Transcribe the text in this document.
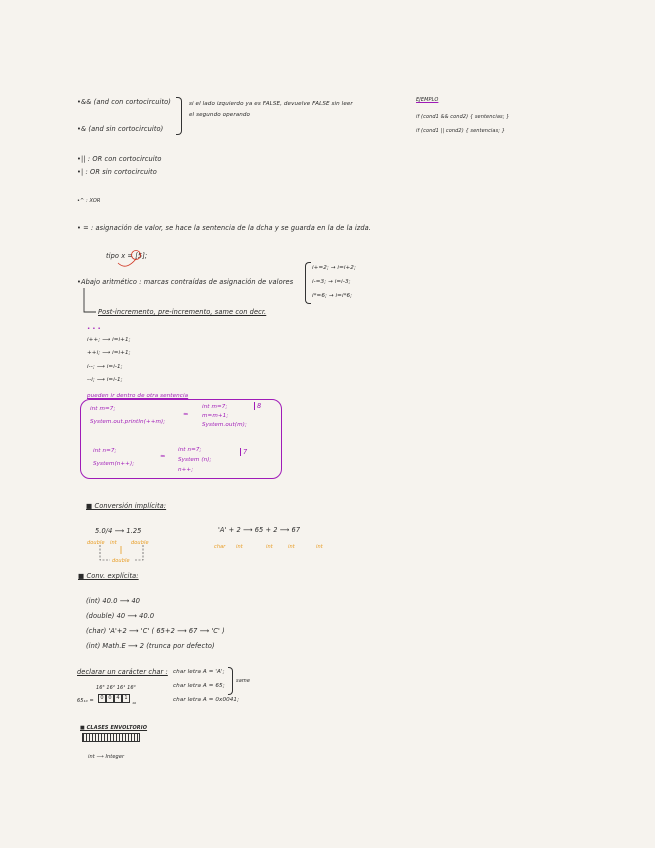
•&& (and con cortocircuito)
•& (and sin cortocircuito)
si el lado izquierdo ya es FALSE, devuelve FALSE sin leer
el segundo operando
EJEMPLO
if (cond1 && cond2) { sentencias; }
if (cond1 || cond2) { sentencias; }
•|| : OR con cortocircuito
•| : OR sin cortocircuito
•^ : XOR
• = : asignación de valor, se hace la sentencia de la dcha y se guarda en la de la izda.
tipo x = [5];
•Abajo aritmético : marcas contraídas de asignación de valores
i+=2; → i=i+2;
i-=3; → i=i-3;
i*=6; → i=i*6;
Post-incremento, pre-incremento, same con decr.
• • •
i++; ⟶ i=i+1;
++i; ⟶ i=i+1;
i--; ⟶ i=i-1;
--i; ⟶ i=i-1;
pueden ir dentro de otra sentencia
int m=7;
System.out.println(++m);
≈
int m=7;
m=m+1;
System.out(m);
8
int n=7;
System(n++);
≈
int n=7;
System (n);
n++;
7
■ Conversión implícita:
5.0/4 ⟶ 1.25
double int	double
double
'A' + 2 ⟶ 65 + 2 ⟶ 67
char int	int	int	int
■ Conv. explícita:
(int) 40.0 ⟶ 40
(double) 40 ⟶ 40.0
(char) 'A'+2 ⟶ 'C' ( 65+2 ⟶ 67 ⟶ 'C' )
(int) Math.E ⟶ 2 (trunca por defecto)
declarar un carácter char : char letra A = 'A';
char letra A = 65;
char letra A = 0x0041;
same
16³ 16² 16¹ 16⁰
65₁₀ =	0 0 4 1
₁₆
■ CLASES ENVOLTORIO
int ⟶ Integer
